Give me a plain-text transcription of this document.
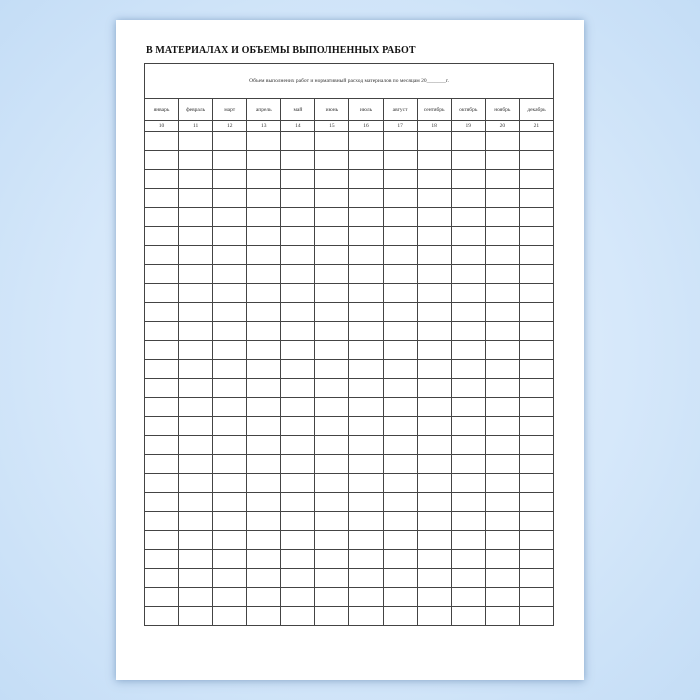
В МАТЕРИАЛАХ И ОБЪЕМЫ ВЫПОЛНЕННЫХ РАБОТ
Объем выполнених работ и нормативный расход материалов по месяцам 20_______г.											
январь	февраль	март	апрель	май	июнь	июль	август	сентябрь	октябрь	ноябрь	декабрь
10	11	12	13	14	15	16	17	18	19	20	21
